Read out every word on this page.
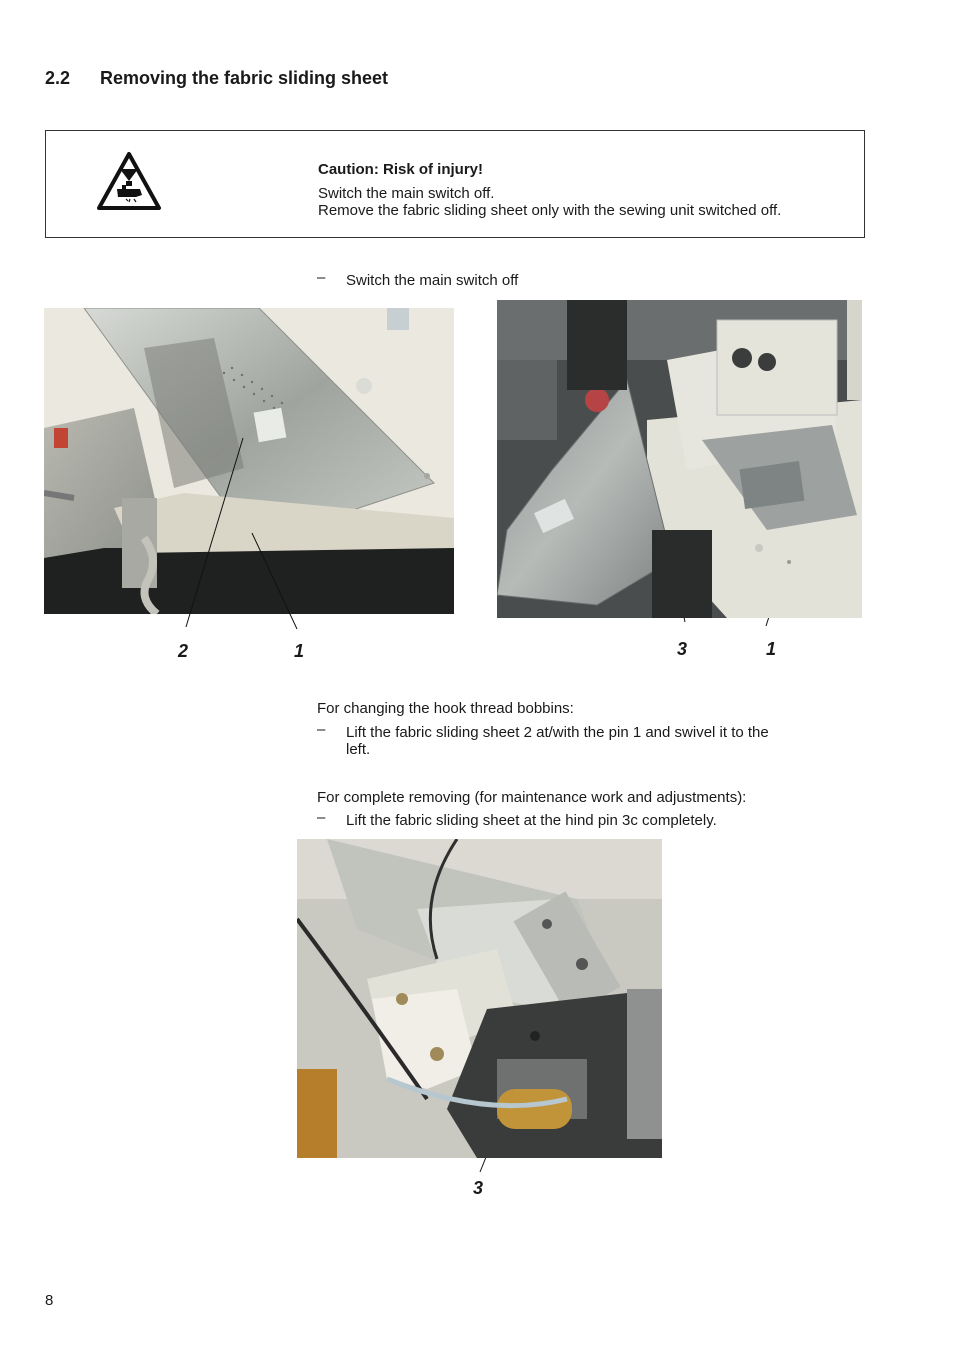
2.2 Removing the fabric sliding sheet
Caution: Risk of injury!
Switch the main switch off.
Remove the fabric sliding sheet only with the sewing unit switched off.
– Switch the main switch off
2	1	3	1
For changing the hook thread bobbins:
– Lift the fabric sliding sheet 2 at/with the pin 1 and swivel it to the
left.
For complete removing (for maintenance work and adjustments):
– Lift the fabric sliding sheet at the hind pin 3c completely.
3
8
